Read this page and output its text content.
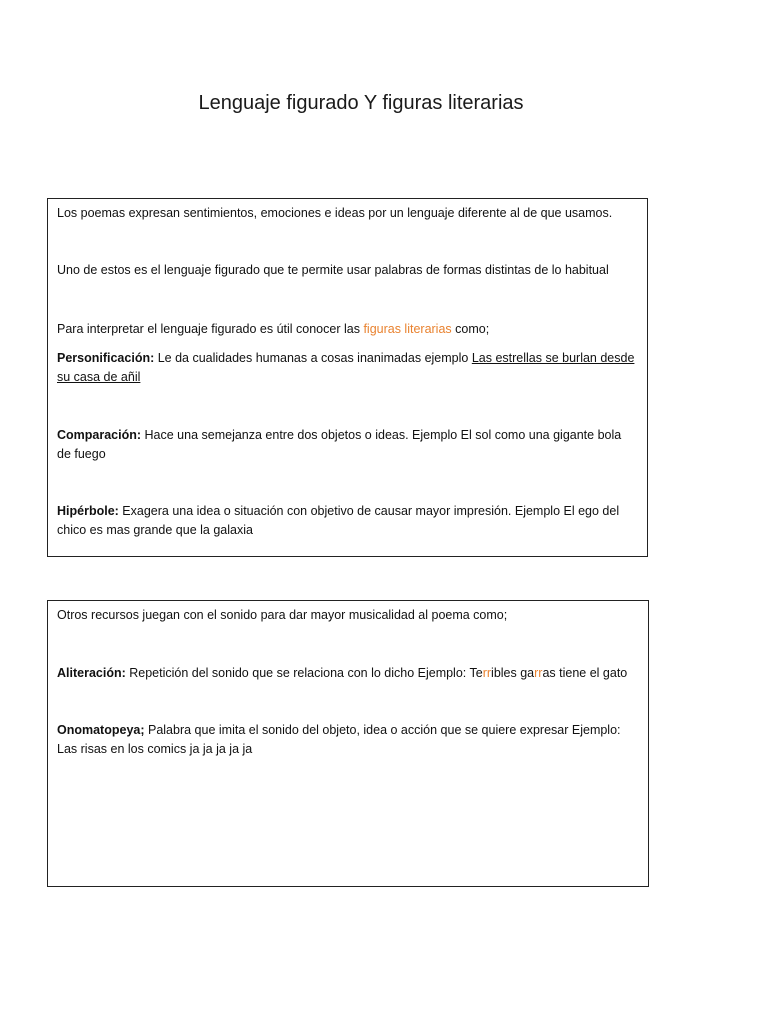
Lenguaje figurado Y figuras literarias
Los poemas expresan sentimientos, emociones e ideas por un lenguaje diferente al de que usamos.
Uno de estos es el lenguaje figurado que te permite usar palabras de formas distintas de lo habitual
Para interpretar el lenguaje figurado es útil conocer las figuras literarias como;
Personificación: Le da cualidades humanas a cosas inanimadas ejemplo Las estrellas se burlan desde su casa de añil
Comparación: Hace una semejanza entre dos objetos o ideas. Ejemplo El sol como una gigante bola de fuego
Hipérbole: Exagera una idea o situación con objetivo de causar mayor impresión. Ejemplo El ego del chico es mas grande que la galaxia
Otros recursos juegan con el sonido para dar mayor musicalidad al poema como;
Aliteración: Repetición del sonido que se relaciona con lo dicho Ejemplo: Terribles garras tiene el gato
Onomatopeya; Palabra que imita el sonido del objeto, idea o acción que se quiere expresar Ejemplo: Las risas en los comics ja ja ja ja ja
